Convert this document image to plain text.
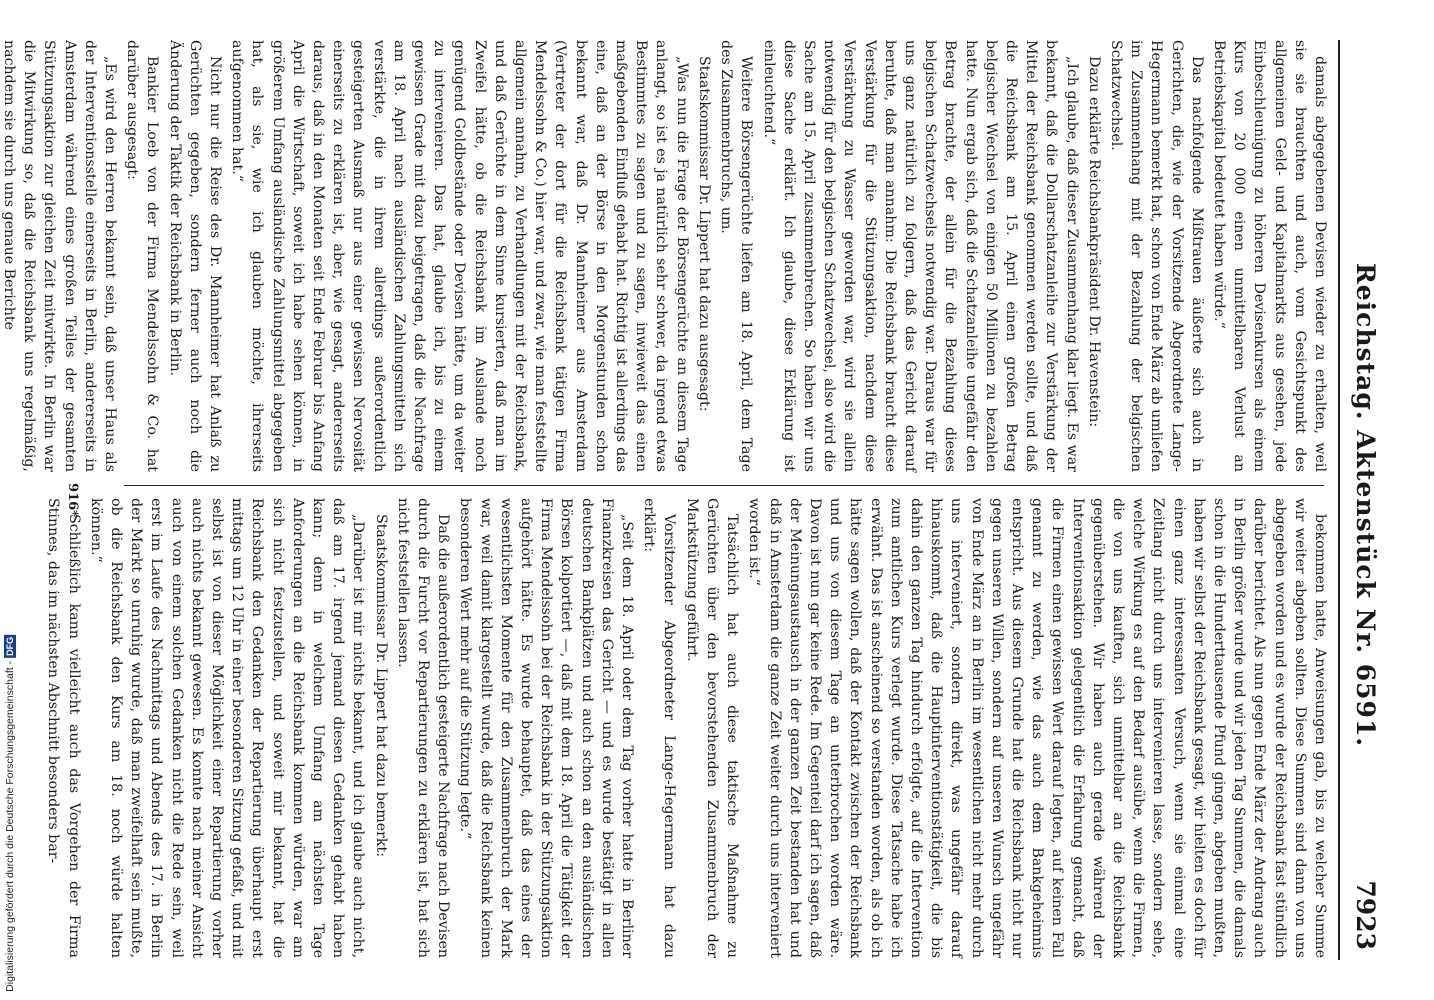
Digitalisierung gefördert durch die Deutsche Forschungsgemeinschaft - DFG	Reichstag. Aktenstück Nr. 6591.
7923

damals abgegebenen Devisen wieder zu erhalten, weil sie sie brauchten und auch, vom Gesichtspunkt des allgemeinen Geld- und Kapitalmarkts aus gesehen, jede Einbeschleunigung zu höheren Devisenkursen als einem Kurs von 20 000 einen unmittelbaren Verlust an Betriebskapital bedeutet haben würde.“

Das nachfolgende Mißtrauen äußerte sich auch in Gerichten, die, wie der Vorsitzende Abgeordnete Lange-Hegermann bemerkt hat, schon von Ende März ab umliefen im Zusammenhang mit der Bezahlung der belgischen Schatzwechsel.

Dazu erklärte Reichsbankpräsident Dr. Havenstein:

„Ich glaube, daß dieser Zusammenhang klar liegt. Es war bekannt, daß die Dollarschatzanleihe zur Verstärkung der Mittel der Reichsbank genommen werden sollte, und daß die Reichsbank am 15. April einen großen Betrag belgischer Wechsel von einigen 50 Millionen zu bezahlen hatte. Nun ergab sich, daß die Schatzanleihe ungefähr den Betrag brachte, der allein für die Bezahlung dieses belgischen Schatzwechsels notwendig war. Daraus war für uns ganz natürlich zu folgern, daß das Gericht darauf beruhte, daß man annahm: Die Reichsbank braucht diese Verstärkung für die Stützungsaktion, nachdem diese Verstärkung zu Wasser geworden war, wird sie allein notwendig für den belgischen Schatzwechsel, also wird die Sache am 15. April zusammenbrechen. So haben wir uns diese Sache erklärt. Ich glaube, diese Erklärung ist einleuchtend.“

Weitere Börsengerüchte liefen am 18. April, dem Tage des Zusammenbruchs, um.

Staatskommissar Dr. Lippert hat dazu ausgesagt:

„Was nun die Frage der Börsengerüchte an diesem Tage anlangt, so ist es ja natürlich sehr schwer, da irgend etwas Bestimmtes zu sagen und zu sagen, inwieweit das einen maßgebenden Einfluß gehabt hat. Richtig ist allerdings das eine, daß an der Börse in den Morgenstunden schon bekannt war, daß Dr. Mannheimer aus Amsterdam (Vertreter der dort für die Reichsbank tätigen Firma Mendelssohn & Co.) hier war, und zwar, wie man feststellte allgemein annahm, zu Verhandlungen mit der Reichsbank, und daß Gerüchte in dem Sinne kursierten, daß man im Zweifel hätte, ob die Reichsbank im Auslande noch genügend Goldbestände oder Devisen hätte, um da weiter zu intervenieren. Das hat, glaube ich, bis zu einem gewissen Grade mit dazu beigetragen, daß die Nachfrage am 18. April nach ausländischen Zahlungsmitteln sich verstärkte, die in ihrem allerdings außerordentlich gesteigerten Ausmaß nur aus einer gewissen Nervosität einerseits zu erklären ist, aber, wie gesagt, andererseits daraus, daß in den Monaten seit Ende Februar bis Anfang April die Wirtschaft, soweit ich habe sehen können, in größerem Umfang ausländische Zahlungsmittel abgegeben hat, als sie, wie ich glauben möchte, ihrerseits aufgenommen hat.“

Nicht nur die Reise des Dr. Mannheimer hat Anlaß zu Gerüchten gegeben, sondern ferner auch noch die Änderung der Taktik der Reichsbank in Berlin.

Bankier Loeb von der Firma Mendelssohn & Co. hat darüber ausgesagt:

„Es wird den Herren bekannt sein, daß unser Haus als der Interventionsstelle einerseits in Berlin, andererseits in Amsterdam während eines großen Teiles der gesamten Stützungsaktion zur gleichen Zeit mitwirkte. In Berlin war die Mitwirkung so, daß die Reichsbank uns regelmäßig, nachdem sie durch uns genaue Berichte

bekommen hatte, Anweisungen gab, bis zu welcher Summe wir weiter abgeben sollten. Diese Summen sind dann von uns abgegeben worden und es wurde der Reichsbank fast stündlich darüber berichtet. Als nun gegen Ende März der Andrang auch in Berlin größer wurde und wir jeden Tag Summen, die damals schon in die Hunderttausende Pfund gingen, abgeben mußten, haben wir selbst der Reichsbank gesagt, wir hielten es doch für einen ganz interessanten Versuch, wenn sie einmal eine Zeitlang nicht durch uns intervenieren lasse, sondern sehe, welche Wirkung es auf den Bedarf ausübe, wenn die Firmen, die von uns kauften, sich unmittelbar an die Reichsbank gegenüberstehen. Wir haben auch gerade während der Interventionsaktion gelegentlich die Erfahrung gemacht, daß die Firmen einen gewissen Wert darauf legten, auf keinen Fall genannt zu werden, wie das auch dem Bankgeheimnis entspricht. Aus diesem Grunde hat die Reichsbank nicht nur gegen unseren Willen, sondern auf unseren Wunsch ungefähr von Ende März an in Berlin im wesentlichen nicht mehr durch uns interveniert, sondern direkt, was ungefähr darauf hinauskommt, daß die Hauptinterventionstätigkeit, die bis dahin den ganzen Tag hindurch erfolgte, auf die Intervention zum amtlichen Kurs verlegt wurde. Diese Tatsache habe ich erwähnt. Das ist anscheinend so verstanden worden, als ob ich hätte sagen wollen, daß der Kontakt zwischen der Reichsbank und uns von diesem Tage an unterbrochen worden wäre. Davon ist nun gar keine Rede. Im Gegenteil darf ich sagen, daß der Meinungsaustausch in der ganzen Zeit bestanden hat und daß in Amsterdam die ganze Zeit weiter durch uns interveniert worden ist.“

Tatsächlich hat auch diese taktische Maßnahme zu Gerüchten über den bevorstehenden Zusammenbruch der Markstützung geführt.

Vorsitzender Abgeordneter Lange-Hegermann hat dazu erklärt:

„Seit dem 18. April oder dem Tag vorher hatte in Berliner Finanzkreisen das Gericht — und es wurde bestätigt in allen deutschen Bankplätzen und auch schon an den ausländischen Börsen kolportiert —, daß mit dem 18. April die Tätigkeit der Firma Mendelssohn bei der Reichsbank in der Stützungsaktion aufgehört hätte. Es wurde behauptet, daß das eines der wesentlichsten Momente für den Zusammenbruch der Mark war, weil damit klargestellt wurde, daß die Reichsbank keinen besonderen Wert mehr auf die Stützung legte.“

Daß die außerordentlich gesteigerte Nachfrage nach Devisen durch die Furcht vor Repartierungen zu erklären ist, hat sich nicht feststellen lassen.

Staatskommissar Dr. Lippert hat dazu bemerkt:

„Darüber ist mir nichts bekannt, und ich glaube auch nicht, daß am 17. irgend jemand diesen Gedanken gehabt haben kann; denn in welchem Umfang am nächsten Tage Anforderungen an die Reichsbank kommen würden, war am sich nicht festzustellen, und soweit mir bekannt, hat die Reichsbank den Gedanken der Repartierung überhaupt erst mittags um 12 Uhr in einer besonderen Sitzung gefaßt, und mit selbst ist von dieser Möglichkeit einer Repartierung vorher auch nichts bekannt gewesen. Es konnte nach meiner Ansicht auch von einem solchen Gedanken nicht die Rede sein, weil erst im Laufe des Nachmittags und Abends des 17. in Berlin der Markt so unruhig wurde, daß man zweifelhaft sein mußte, ob die Reichsbank den Kurs am 18. noch würde halten können.“

Schließlich kann vielleicht auch das Vorgehen der Firma Stinnes, das im nächsten Abschnitt besonders bar- 916*
